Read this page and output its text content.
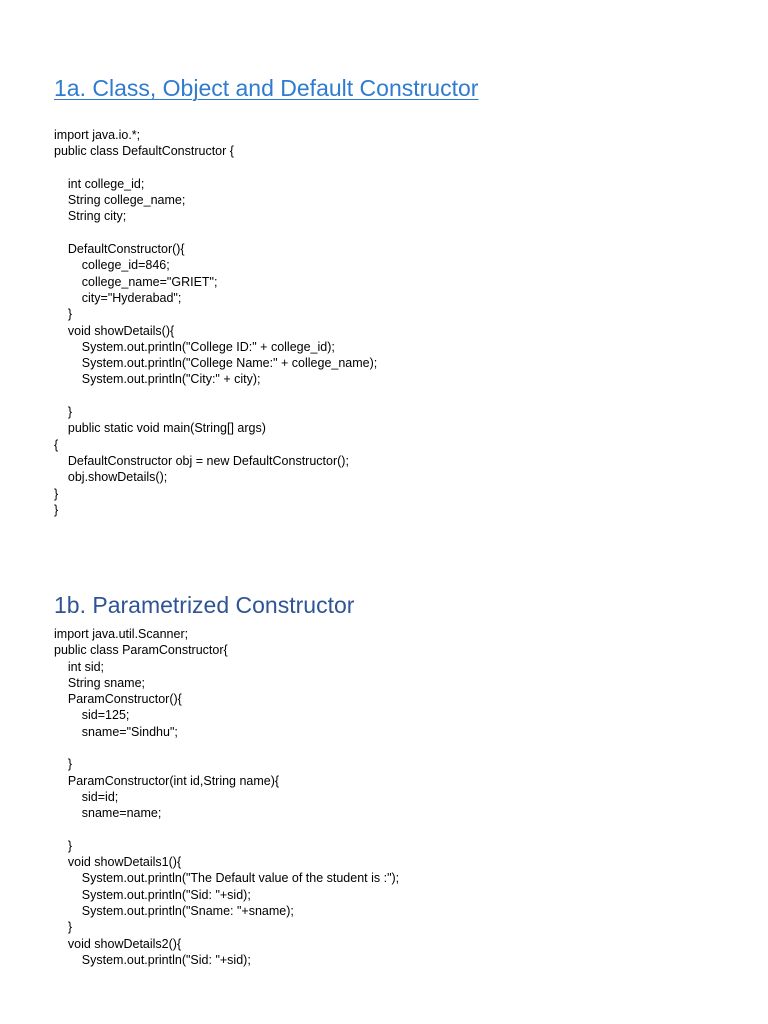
1a. Class, Object and Default Constructor
import java.io.*;
public class DefaultConstructor {
int college_id;
String college_name;
String city;
DefaultConstructor(){
college_id=846;
college_name="GRIET";
city="Hyderabad";
}
void showDetails(){
System.out.println("College ID:" + college_id);
System.out.println("College Name:" + college_name);
System.out.println("City:" + city);
}
public static void main(String[] args)
{
DefaultConstructor obj = new DefaultConstructor();
obj.showDetails();
}
}
1b. Parametrized Constructor
import java.util.Scanner;
public class ParamConstructor{
int sid;
String sname;
ParamConstructor(){
sid=125;
sname="Sindhu";
}
ParamConstructor(int id,String name){
sid=id;
sname=name;
}
void showDetails1(){
System.out.println("The Default value of the student is :");
System.out.println("Sid: "+sid);
System.out.println("Sname: "+sname);
}
void showDetails2(){
System.out.println("Sid: "+sid);
